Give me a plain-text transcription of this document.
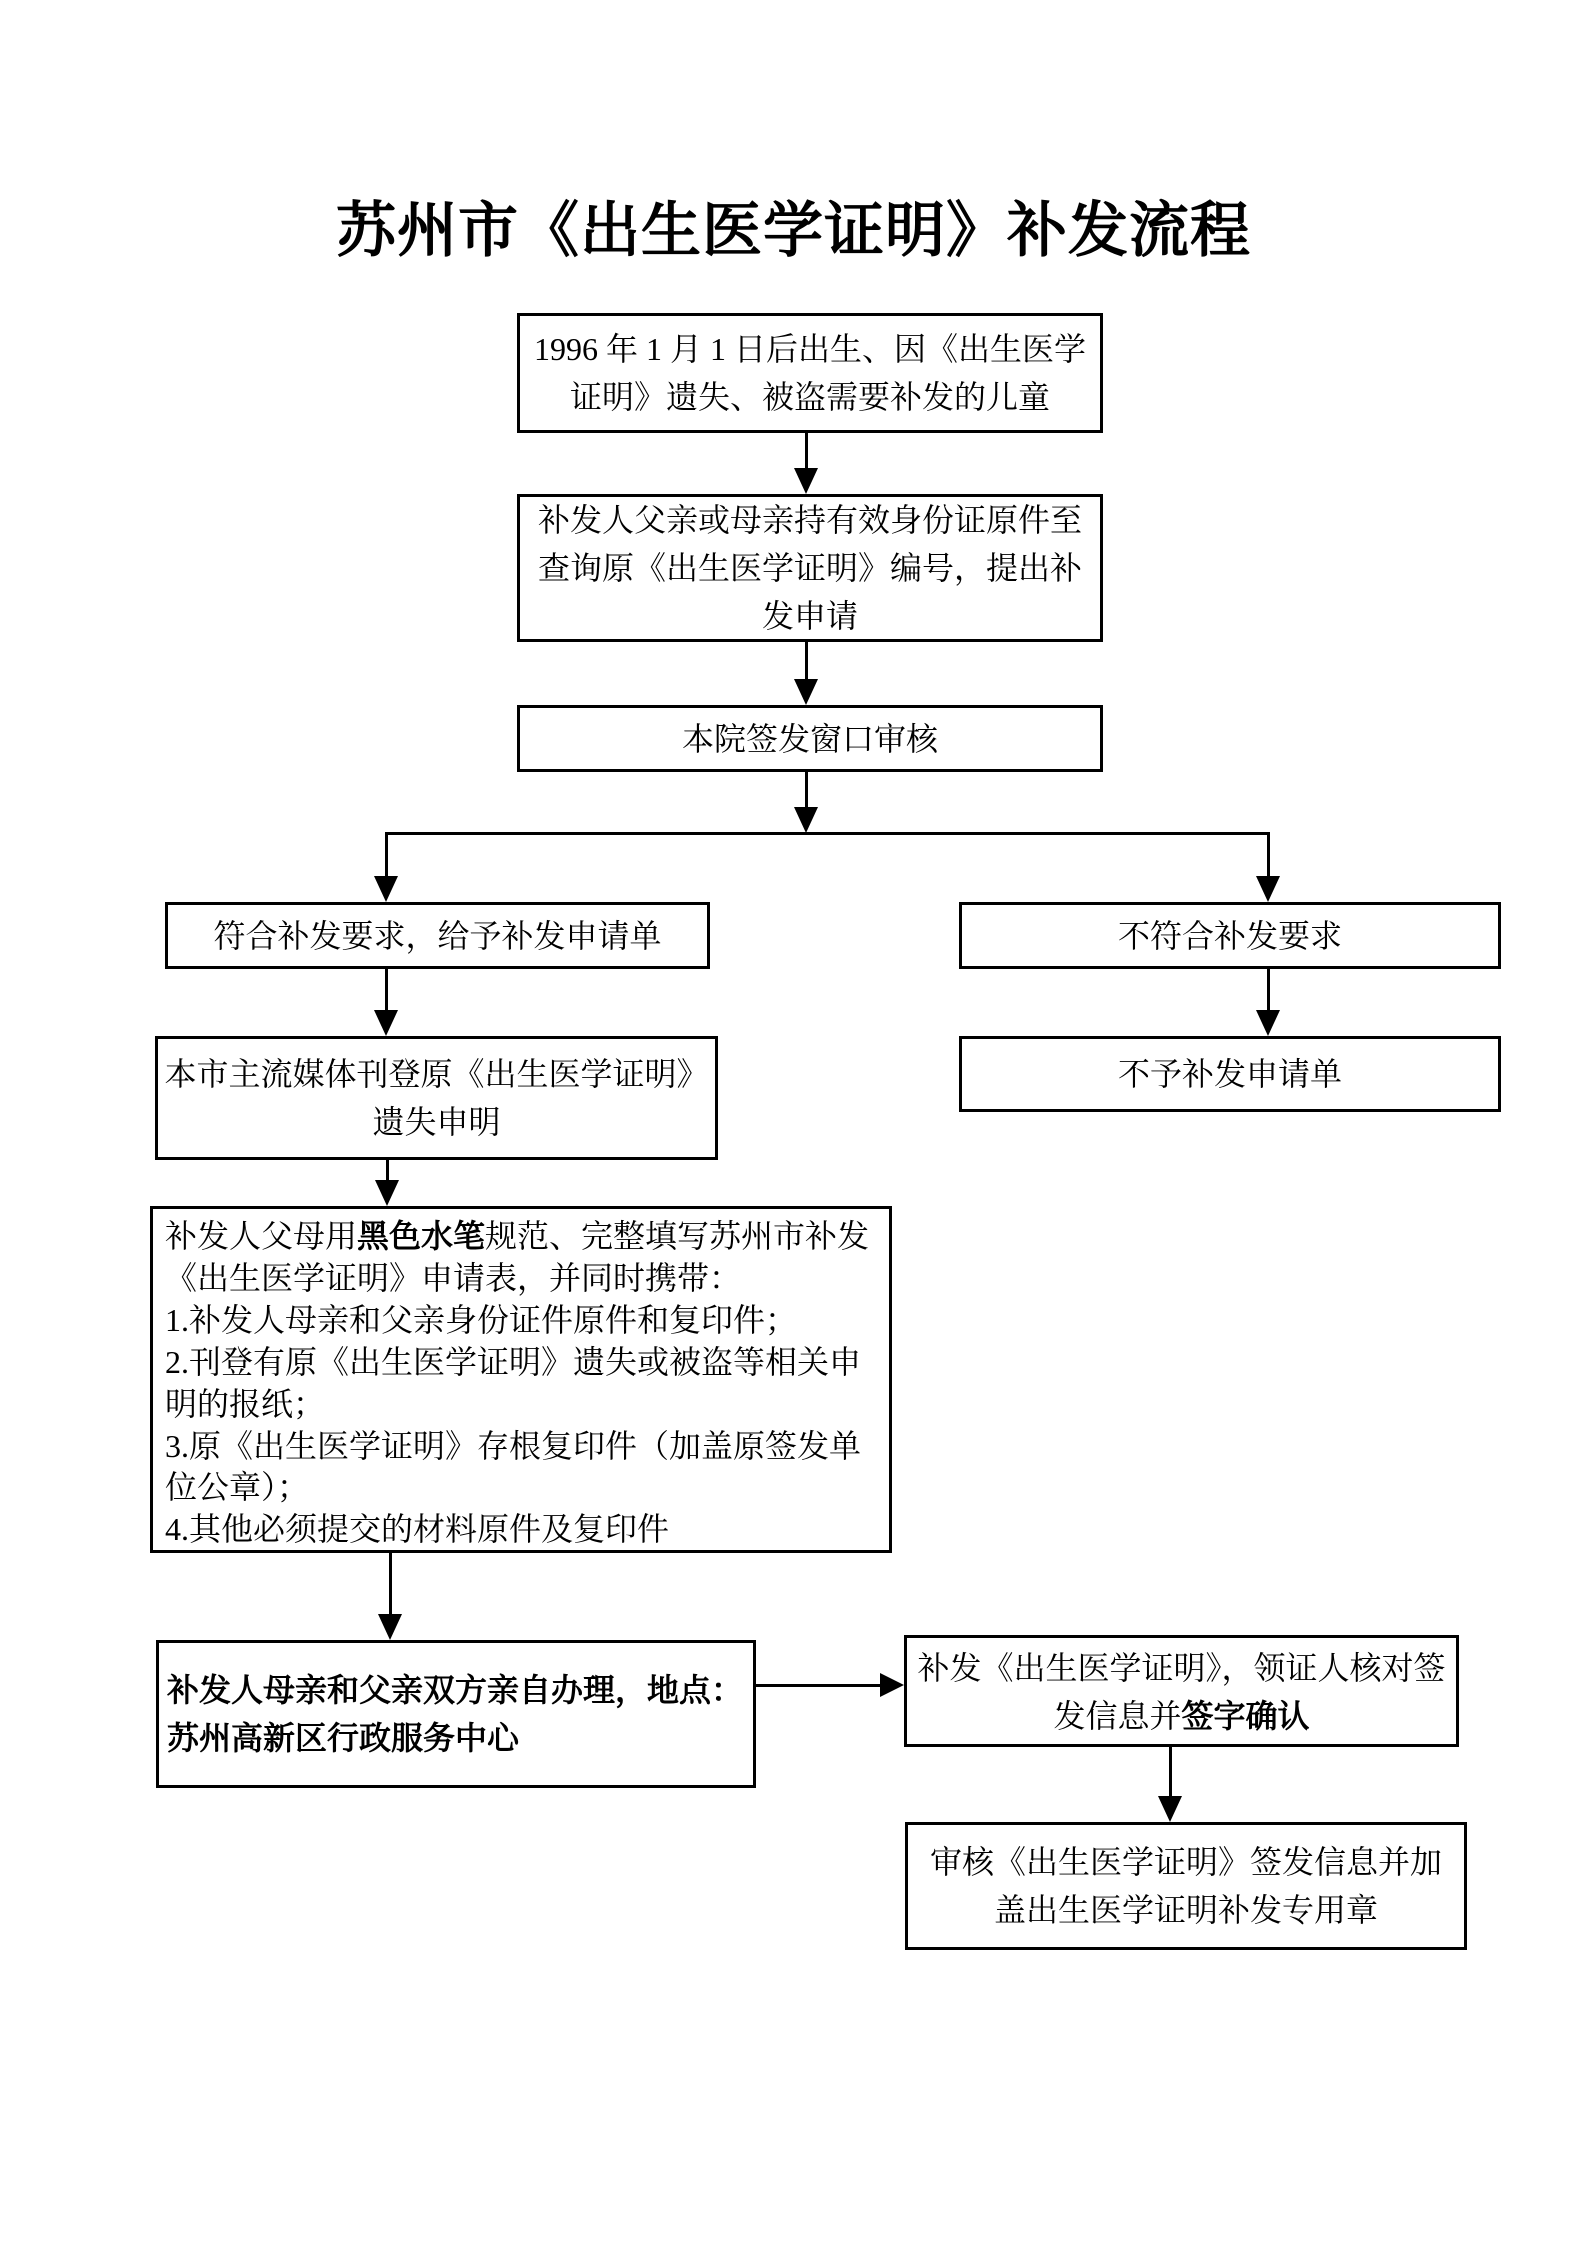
苏州市《出生医学证明》补发流程
1996 年 1 月 1 日后出生、因《出生医学证明》遗失、被盗需要补发的儿童
补发人父亲或母亲持有效身份证原件至查询原《出生医学证明》编号，提出补发申请
本院签发窗口审核
符合补发要求，给予补发申请单
本市主流媒体刊登原《出生医学证明》遗失申明
不符合补发要求
不予补发申请单
补发人父母用黑色水笔规范、完整填写苏州市补发《出生医学证明》申请表，并同时携带：
1.补发人母亲和父亲身份证件原件和复印件；
2.刊登有原《出生医学证明》遗失或被盗等相关申明的报纸；
3.原《出生医学证明》存根复印件（加盖原签发单位公章）；
4.其他必须提交的材料原件及复印件
补发人母亲和父亲双方亲自办理，地点：苏州高新区行政服务中心
补发《出生医学证明》，领证人核对签发信息并签字确认
审核《出生医学证明》签发信息并加盖出生医学证明补发专用章
